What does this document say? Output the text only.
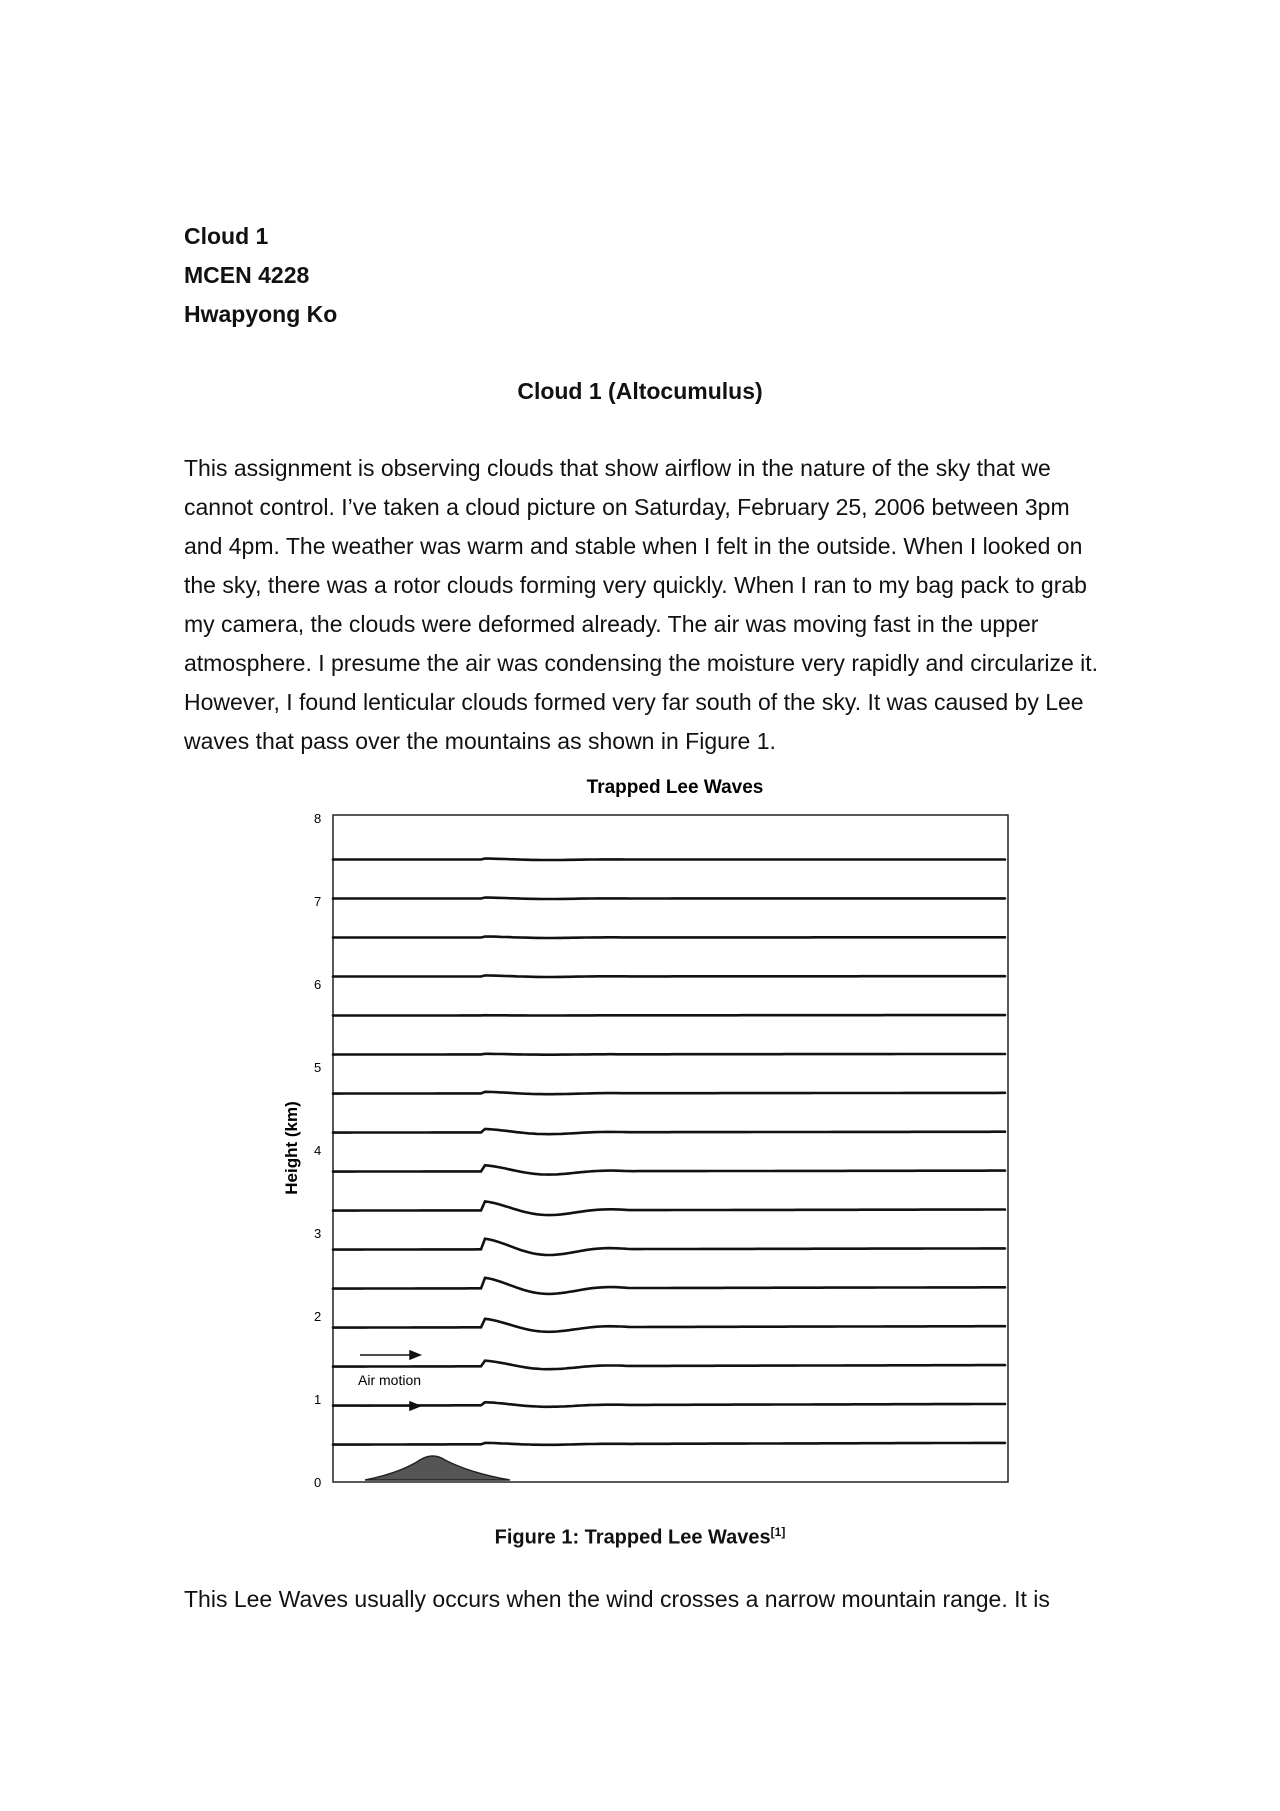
Cloud 1
MCEN 4228
Hwapyong Ko
Cloud 1 (Altocumulus)

This assignment is observing clouds that show airflow in the nature of the sky that we cannot control. I’ve taken a cloud picture on Saturday, February 25, 2006 between 3pm and 4pm. The weather was warm and stable when I felt in the outside. When I looked on the sky, there was a rotor clouds forming very quickly. When I ran to my bag pack to grab my camera, the clouds were deformed already. The air was moving fast in the upper atmosphere. I presume the air was condensing the moisture very rapidly and circularize it. However, I found lenticular clouds formed very far south of the sky. It was caused by Lee waves that pass over the mountains as shown in Figure 1.

Trapped Lee Waves
Height (km)
0
1
2
3
4
5
6
7
8
Air motion
Figure 1: Trapped Lee Waves[1]
This Lee Waves usually occurs when the wind crosses a narrow mountain range. It is
